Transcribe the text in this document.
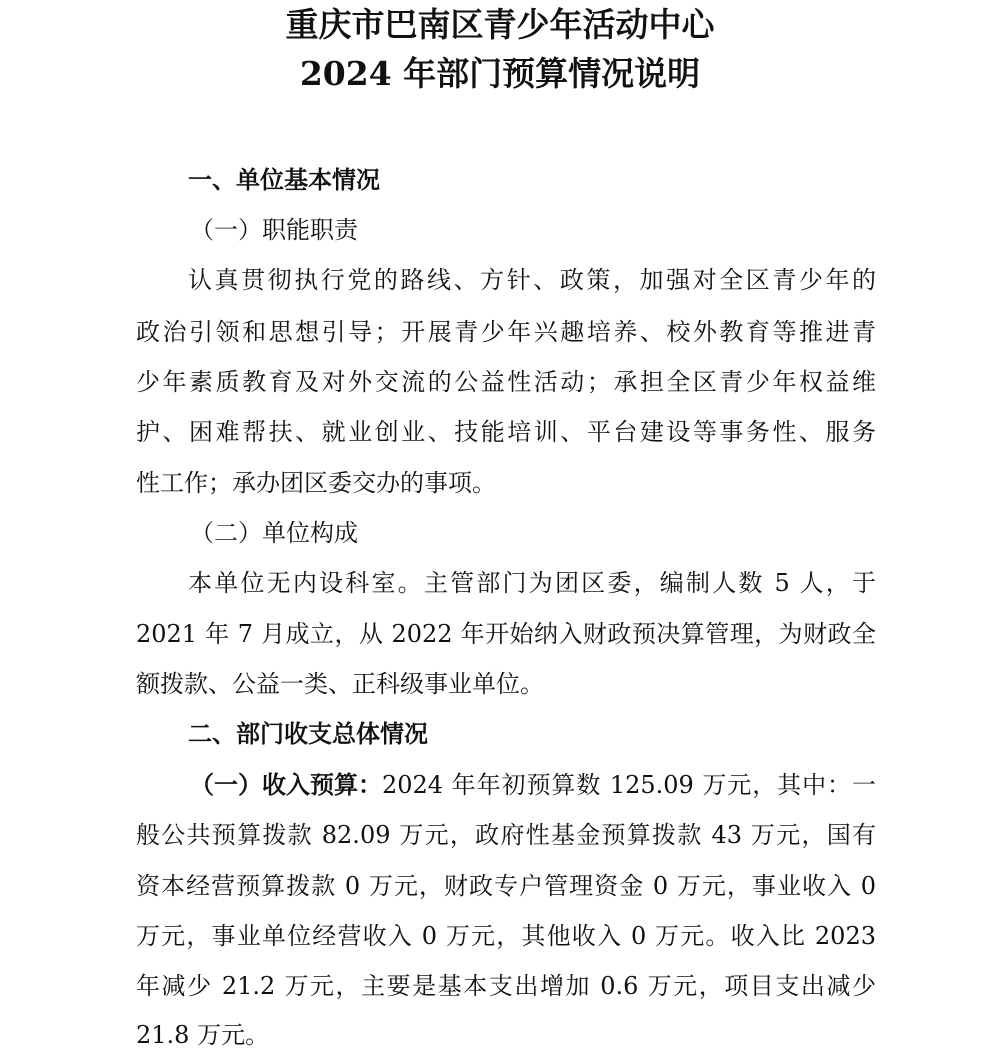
重庆市巴南区青少年活动中心
2024 年部门预算情况说明
一、单位基本情况
（一）职能职责
认真贯彻执行党的路线、方针、政策，加强对全区青少年的
政治引领和思想引导；开展青少年兴趣培养、校外教育等推进青
少年素质教育及对外交流的公益性活动；承担全区青少年权益维
护、困难帮扶、就业创业、技能培训、平台建设等事务性、服务
性工作；承办团区委交办的事项。
（二）单位构成
本单位无内设科室。主管部门为团区委，编制人数 5 人，于
2021 年 7 月成立，从 2022 年开始纳入财政预决算管理，为财政全
额拨款、公益一类、正科级事业单位。
二、部门收支总体情况
（一）收入预算： 2024 年年初预算数 125.09 万元，其中：一
般公共预算拨款 82.09 万元，政府性基金预算拨款 43 万元，国有
资本经营预算拨款 0 万元，财政专户管理资金 0 万元，事业收入 0
万元，事业单位经营收入 0 万元，其他收入 0 万元。收入比 2023
年减少 21.2 万元，主要是基本支出增加 0.6 万元，项目支出减少
21.8 万元。
